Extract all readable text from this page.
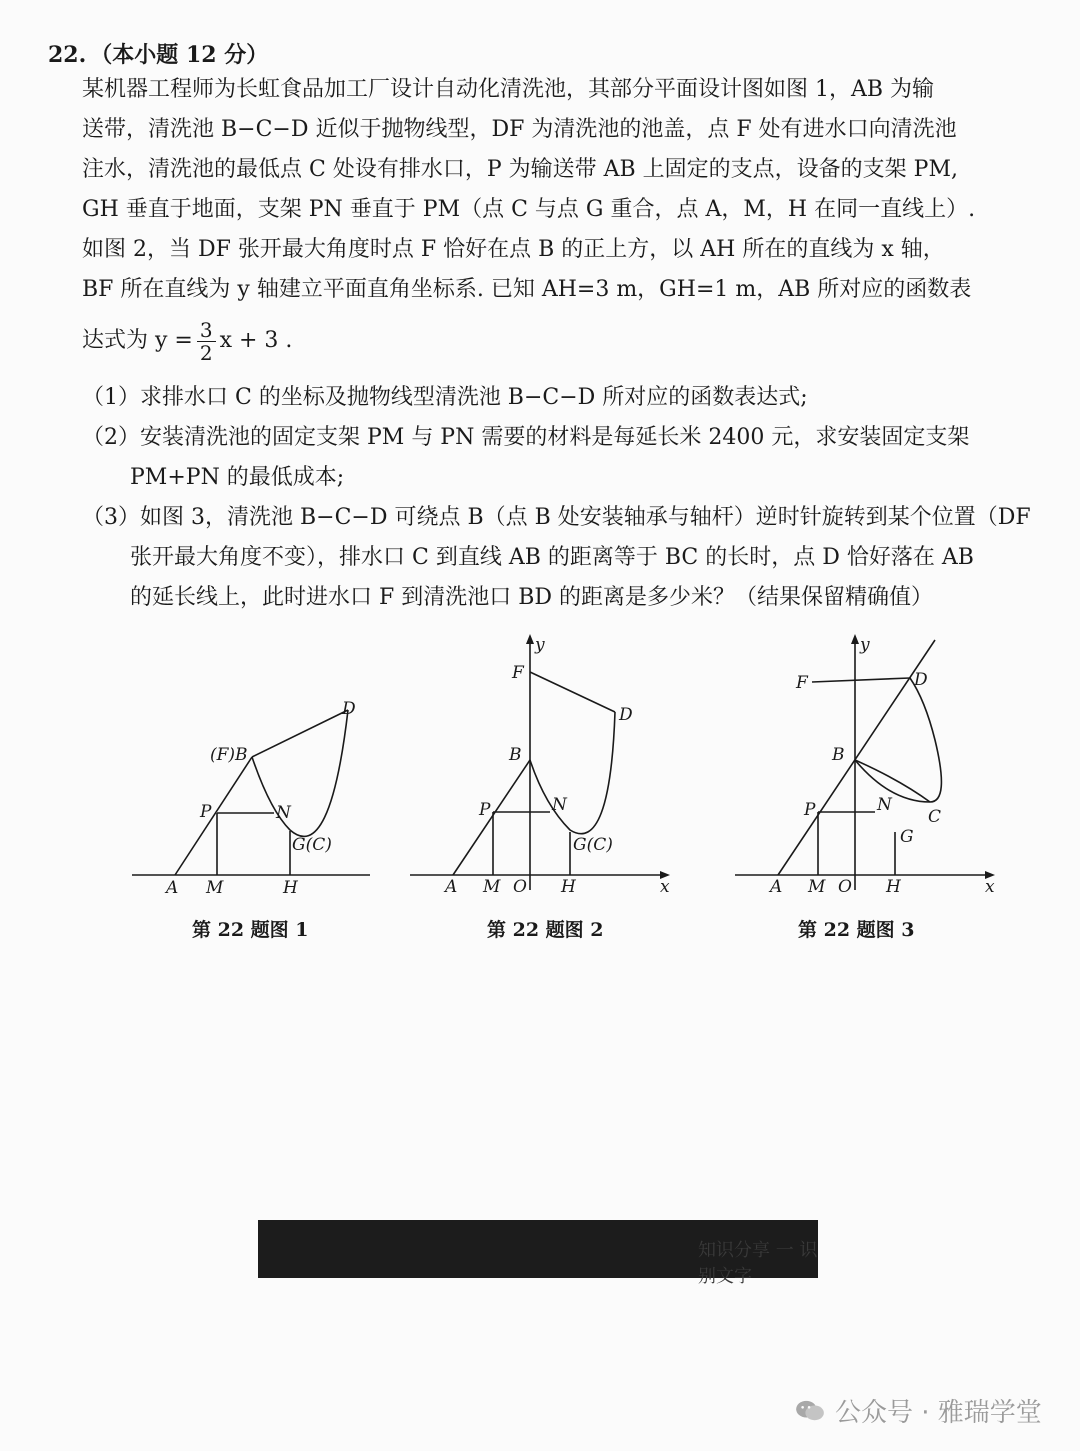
22. （本小题 12 分）
某机器工程师为长虹食品加工厂设计自动化清洗池，其部分平面设计图如图 1，AB 为输
送带，清洗池 B−C−D 近似于抛物线型，DF 为清洗池的池盖，点 F 处有进水口向清洗池
注水，清洗池的最低点 C 处设有排水口，P 为输送带 AB 上固定的支点，设备的支架 PM,
GH 垂直于地面，支架 PN 垂直于 PM（点 C 与点 G 重合，点 A，M，H 在同一直线上）.
如图 2，当 DF 张开最大角度时点 F 恰好在点 B 的正上方，以 AH 所在的直线为 x 轴，
BF 所在直线为 y 轴建立平面直角坐标系. 已知 AH=3 m，GH=1 m，AB 所对应的函数表
达式为 $y = \frac{3}{2}$ x + 3 .
（1）求排水口 C 的坐标及抛物线型清洗池 B−C−D 所对应的函数表达式;
（2）安装清洗池的固定支架 PM 与 PN 需要的材料是每延长米 2400 元，求安装固定支架
PM+PN 的最低成本;
（3）如图 3，清洗池 B−C−D 可绕点 B（点 B 处安装轴承与轴杆）逆时针旋转到某个位置（DF
张开最大角度不变），排水口 C 到直线 AB 的距离等于 BC 的长时，点 D 恰好落在 AB
的延长线上，此时进水口 F 到清洗池口 BD 的距离是多少米？（结果保留精确值）
(F)B
D
P	N
G(C)
A M	H
第 22 题图 1
y
F
D
B
P	N
G(C)
A M O H	x
第 22 题图 2
y
F	D
B
P	N
C
G
A M O H	x
第 22 题图 3
知识分享 一 识别文字
公众号 · 雅瑞学堂
